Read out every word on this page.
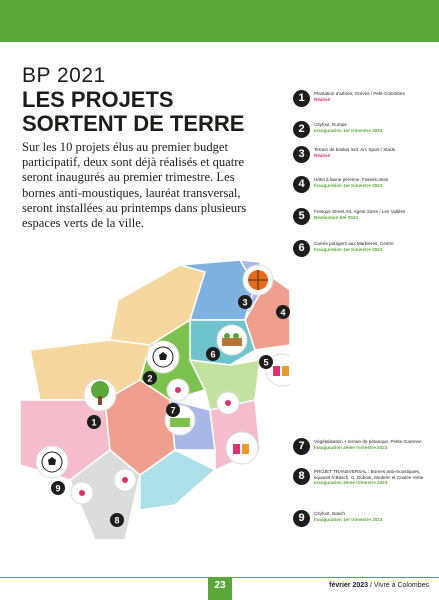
BP 2021
LES PROJETS SORTENT DE TERRE
Sur les 10 projets élus au premier budget participatif, deux sont déjà réalisés et quatre seront inaugurés au premier trimestre. Les bornes anti-moustiques, lauréat transversal, seront installées au printemps dans plusieurs espaces verts de la ville.
1	Plantation d'arbres, Grèves / Petit-Colombes
Réalisé
2	Cityfoot, Europe
Inauguration 1er trimestre 2023
3	Terrain de basket 3x3, Arc Sport / Stade
Réalisé
4	Hôtel à faune pérenne, Fossés-Jean
Inauguration 1er trimestre 2023
5	Fresque Street Art, Agent Sarre / Les Vallées
Réalisation été 2023
6	Carrés potagers aux Marbières, Centre
Inauguration 1er trimestre 2023
7	Végétalisation + terrain de pétanque, Petite-Garenne
Inauguration 2ème trimestre 2023
8	PROJET TRANSVERSAL : Bornes anti-moustiques, squares V.Basch, G. Dubost, Moderic et Coulée Verte
Inauguration 2ème trimestre 2023
9	Cityfoot, Basch
Inauguration 1er trimestre 2023
1
2
3
4
5
6
7
8
9
23	février 2023 / Vivre à Colombes
